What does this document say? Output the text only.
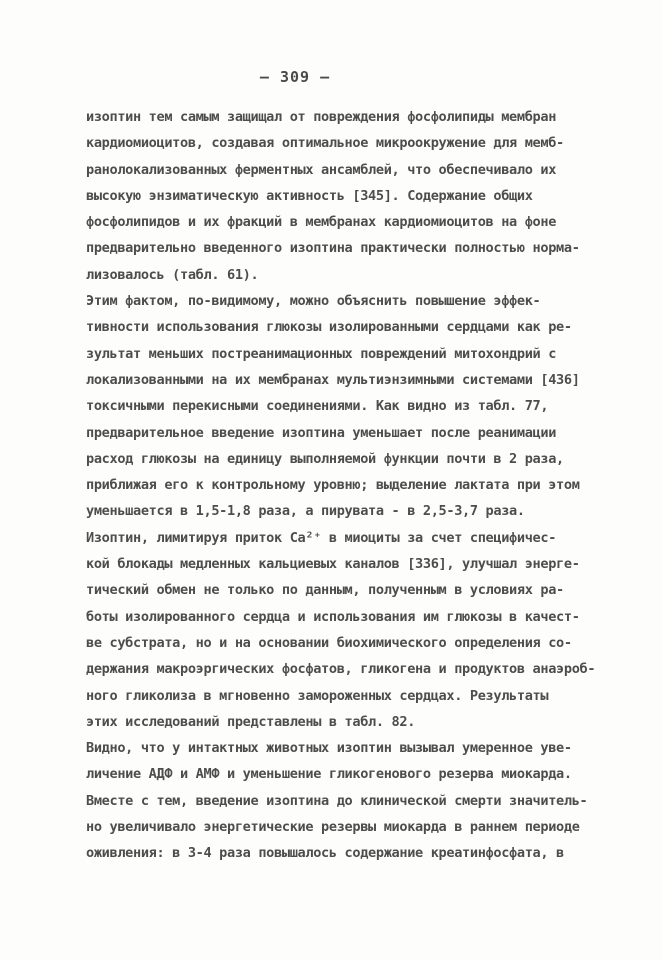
– 309 –
изоптин тем самым защищал от повреждения фосфолипиды мембран
кардиомиоцитов, создавая оптимальное микроокружение для мемб-
ранолокализованных ферментных ансамблей, что обеспечивало их
высокую энзиматическую активность [345]. Содержание общих
фосфолипидов и их фракций в мембранах кардиомиоцитов на фоне
предварительно введенного изоптина практически полностью норма-
лизовалось (табл. 61).
Этим фактом, по-видимому, можно объяснить повышение эффек-
тивности использования глюкозы изолированными сердцами как ре-
зультат меньших постреанимационных повреждений митохондрий с
локализованными на их мембранах мультиэнзимными системами [436]
токсичными перекисными соединениями. Как видно из табл. 77,
предварительное введение изоптина уменьшает после реанимации
расход глюкозы на единицу выполняемой функции почти в 2 раза,
приближая его к контрольному уровню; выделение лактата при этом
уменьшается в 1,5-1,8 раза, а пирувата - в 2,5-3,7 раза.
Изоптин, лимитируя приток Ca²⁺ в миоциты за счет специфичес-
кой блокады медленных кальциевых каналов [336], улучшал энерге-
тический обмен не только по данным, полученным в условиях ра-
боты изолированного сердца и использования им глюкозы в качест-
ве субстрата, но и на основании биохимического определения со-
держания макроэргических фосфатов, гликогена и продуктов анаэроб-
ного гликолиза в мгновенно замороженных сердцах. Результаты
этих исследований представлены в табл. 82.
Видно, что у интактных животных изоптин вызывал умеренное уве-
личение АДФ и АМФ и уменьшение гликогенового резерва миокарда.
Вместе с тем, введение изоптина до клинической смерти значитель-
но увеличивало энергетические резервы миокарда в раннем периоде
оживления: в 3-4 раза повышалось содержание креатинфосфата, в
